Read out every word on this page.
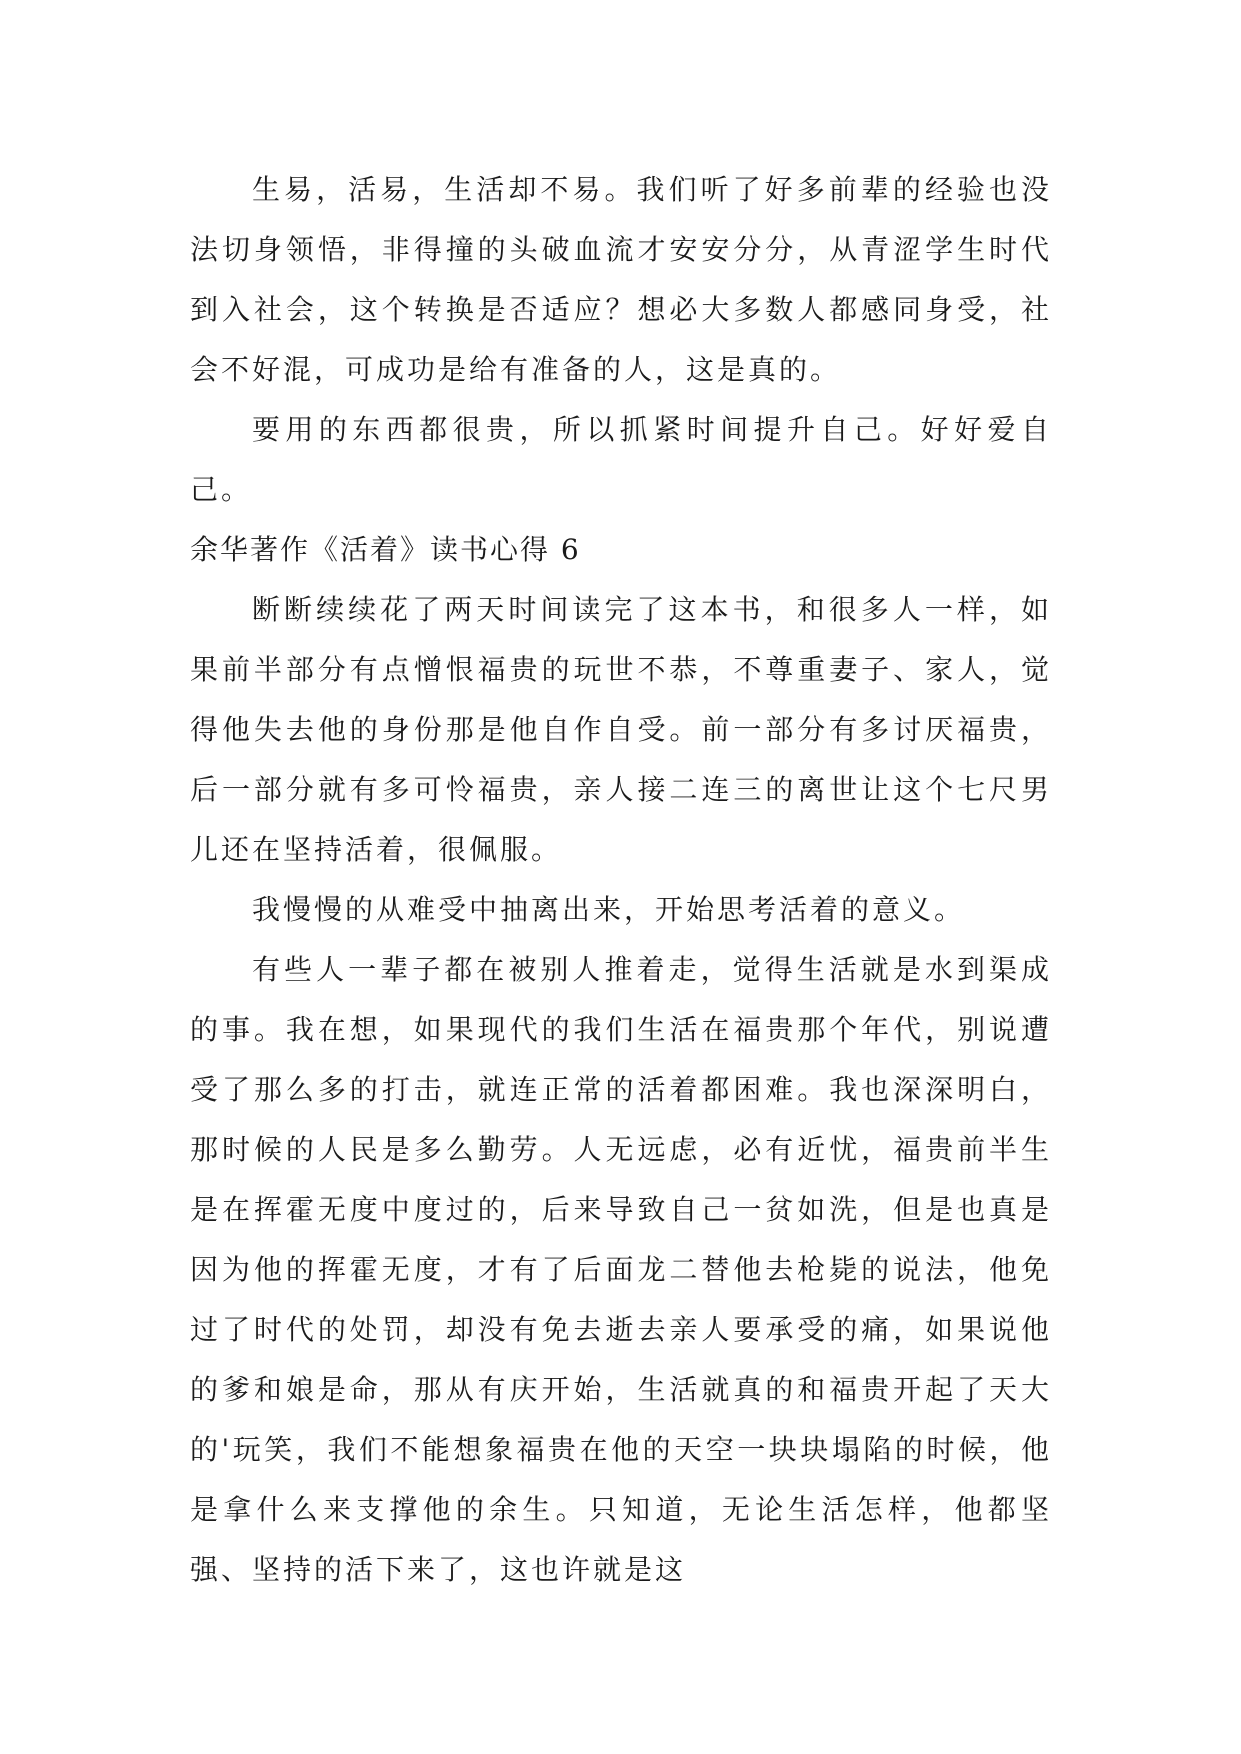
生易，活易，生活却不易。我们听了好多前辈的经验也没法切身领悟，非得撞的头破血流才安安分分，从青涩学生时代到入社会，这个转换是否适应？想必大多数人都感同身受，社会不好混，可成功是给有准备的人，这是真的。

要用的东西都很贵，所以抓紧时间提升自己。好好爱自己。

余华著作《活着》读书心得 6

断断续续花了两天时间读完了这本书，和很多人一样，如果前半部分有点憎恨福贵的玩世不恭，不尊重妻子、家人，觉得他失去他的身份那是他自作自受。前一部分有多讨厌福贵，后一部分就有多可怜福贵，亲人接二连三的离世让这个七尺男儿还在坚持活着，很佩服。

我慢慢的从难受中抽离出来，开始思考活着的意义。

有些人一辈子都在被别人推着走，觉得生活就是水到渠成的事。我在想，如果现代的我们生活在福贵那个年代，别说遭受了那么多的打击，就连正常的活着都困难。我也深深明白，那时候的人民是多么勤劳。人无远虑，必有近忧，福贵前半生是在挥霍无度中度过的，后来导致自己一贫如洗，但是也真是因为他的挥霍无度，才有了后面龙二替他去枪毙的说法，他免过了时代的处罚，却没有免去逝去亲人要承受的痛，如果说他的爹和娘是命，那从有庆开始，生活就真的和福贵开起了天大的'玩笑，我们不能想象福贵在他的天空一块块塌陷的时候，他是拿什么来支撑他的余生。只知道，无论生活怎样，他都坚强、坚持的活下来了，这也许就是这
